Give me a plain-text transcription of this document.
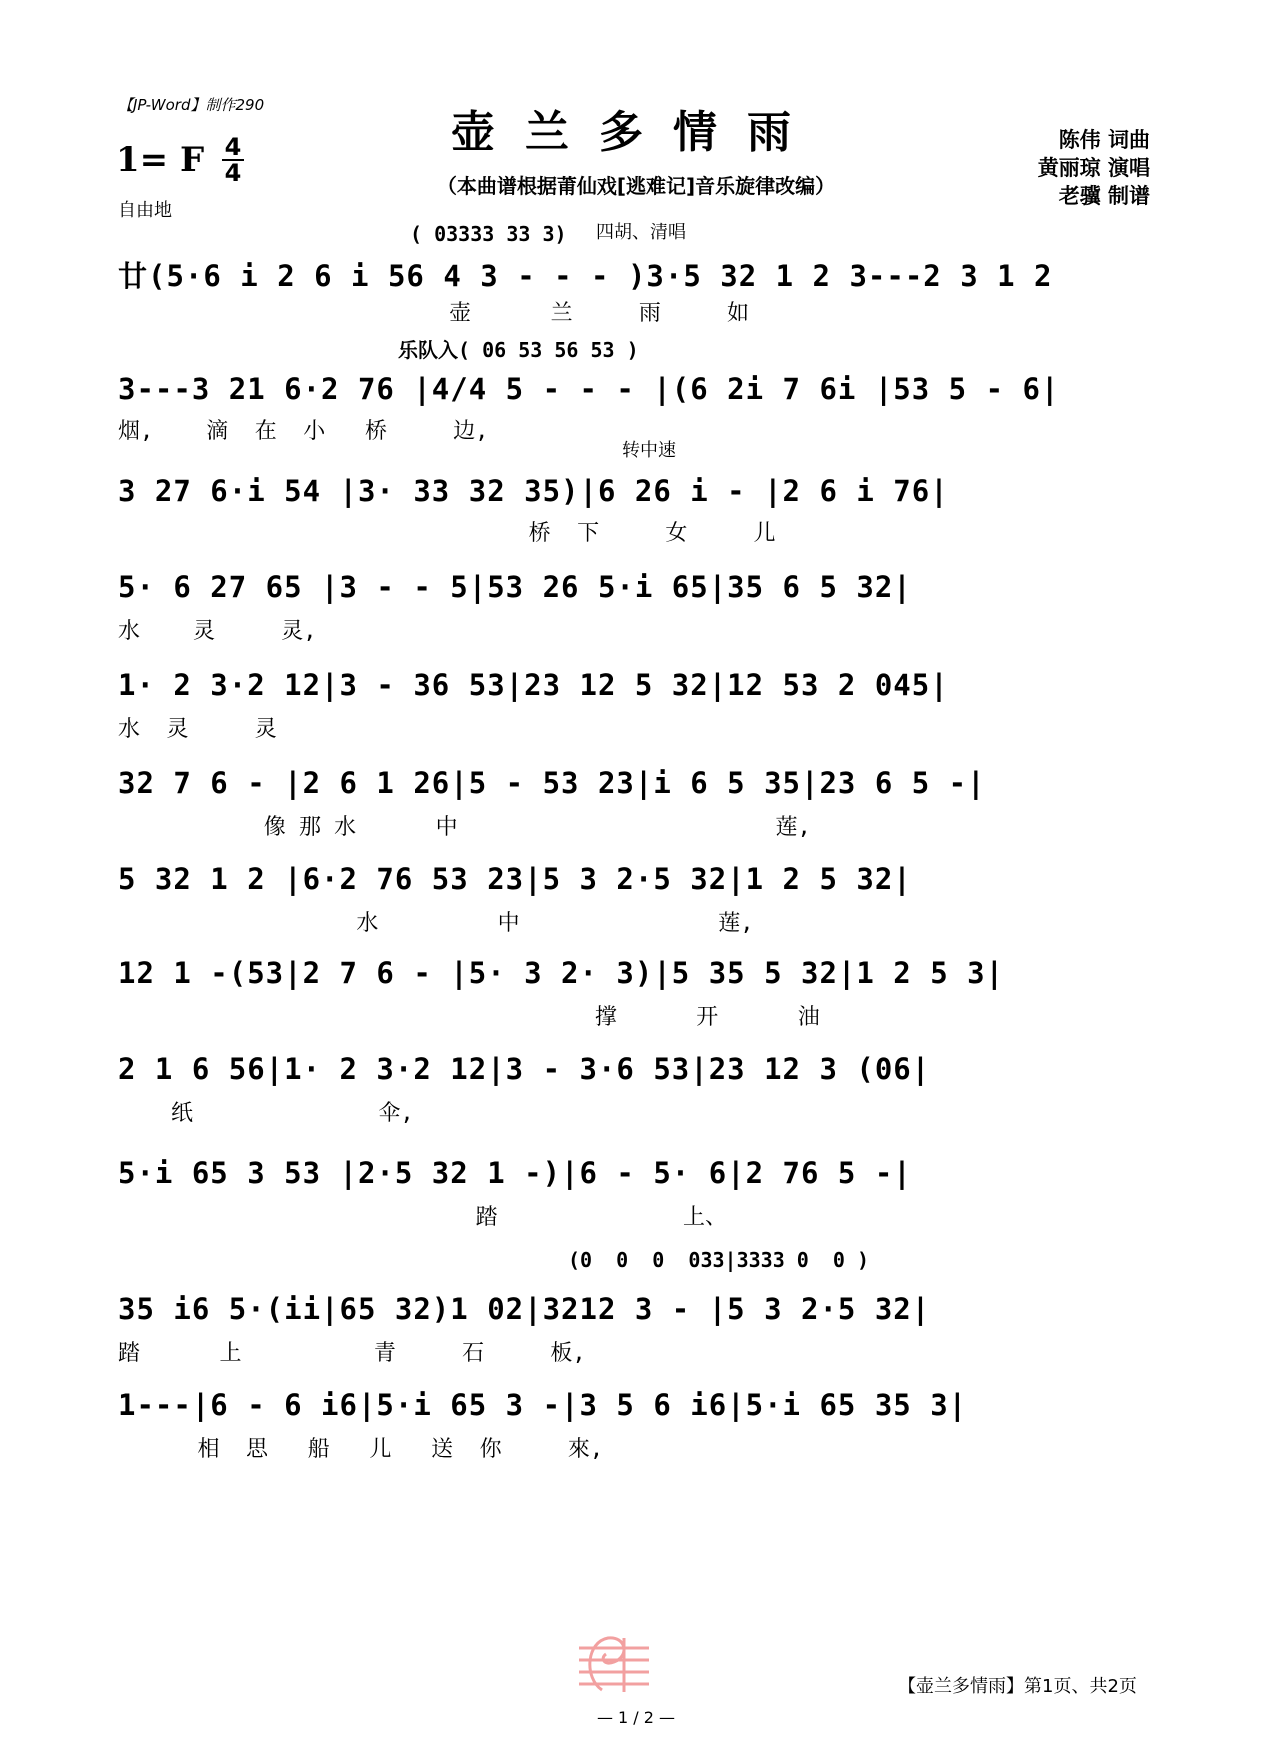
【JP-Word】制作290
1= F 4
4
自由地
壶兰多情雨
（本曲谱根据莆仙戏[逃难记]音乐旋律改编）
陈伟 词曲
黄丽琼 演唱
老骥 制谱
( 03333 33 3) 四胡、清唱
廿(5·6 i 2 6 i 56 4 3 - - - )3·5 32 1 2 3---2 3 1 2
壶      兰     雨     如
乐队入( 06 53 56 53 )
3---3 21 6·2 76 |4/4 5 - - - |(6 2i 7 6i |53 5 - 6|
烟,    滴  在  小   桥     边,
转中速
3 27 6·i 54 |3· 33 32 35)|6 26 i - |2 6 i 76|
桥  下     女     儿
5· 6 27 65 |3 - - 5|53 26 5·i 65|35 6 5 32|
水    灵     灵,
1· 2 3·2 12|3 - 36 53|23 12 5 32|12 53 2 045|
水  灵     灵
32 7 6 - |2 6 1 26|5 - 53 23|i 6 5 35|23 6 5 -|
像 那 水      中                        莲,
5 32 1 2 |6·2 76 53 23|5 3 2·5 32|1 2 5 32|
水         中               莲,
12 1 -(53|2 7 6 - |5· 3 2· 3)|5 35 5 32|1 2 5 3|
撑      开      油
2 1 6 56|1· 2 3·2 12|3 - 3·6 53|23 12 3 (06|
纸              伞,
5·i 65 3 53 |2·5 32 1 -)|6 - 5· 6|2 76 5 -|
踏              上、
(0  0  0  033|3333 0  0 )
35 i6 5·(ii|65 32)1 02|3212 3 - |5 3 2·5 32|
踏      上          青     石     板,
1---|6 - 6 i6|5·i 65 3 -|3 5 6 i6|5·i 65 35 3|
相  思   船   儿   送  你     來,
【壶兰多情雨】第1页、共2页
— 1 / 2 —
